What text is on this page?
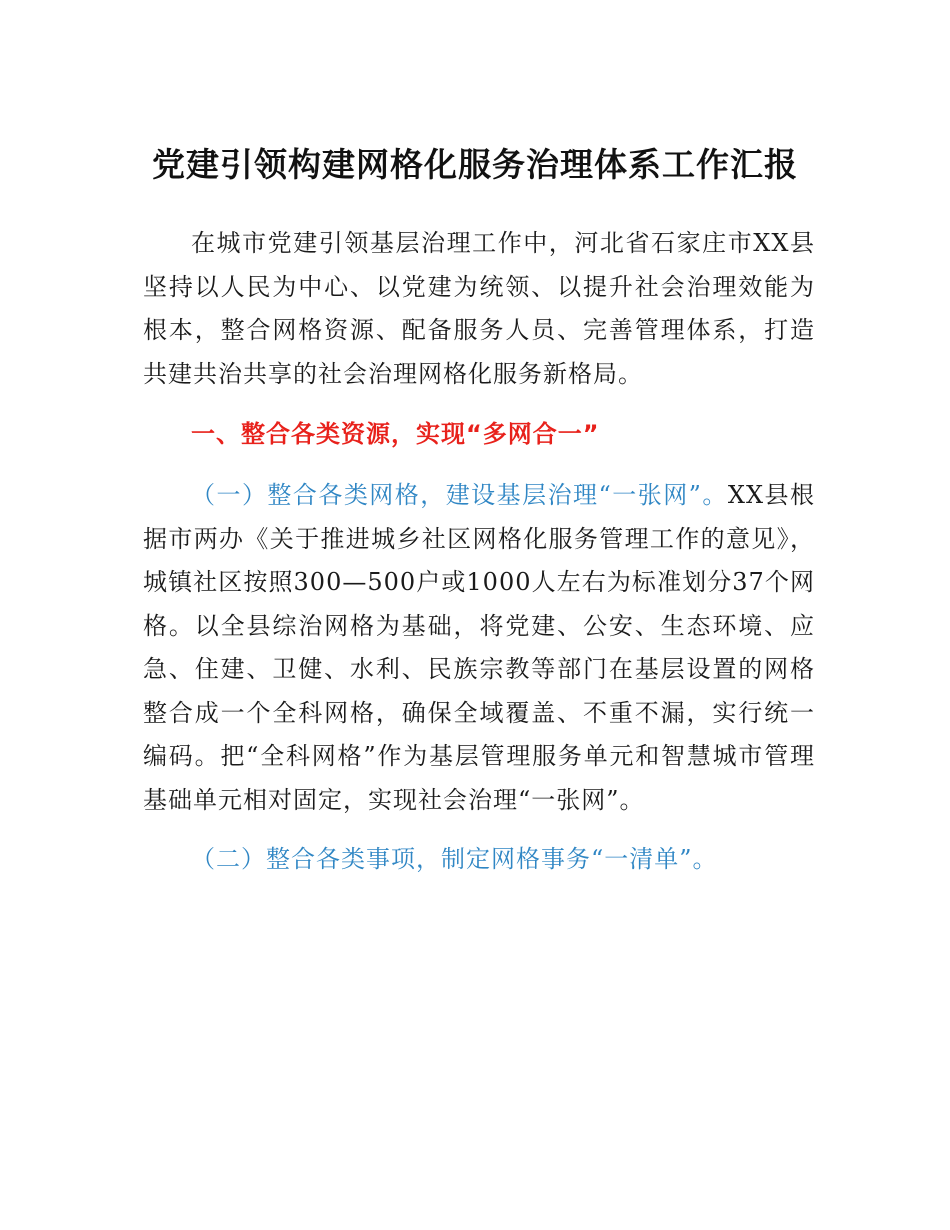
党建引领构建网格化服务治理体系工作汇报

在城市党建引领基层治理工作中，河北省石家庄市XX县坚持以人民为中心、以党建为统领、以提升社会治理效能为根本，整合网格资源、配备服务人员、完善管理体系，打造共建共治共享的社会治理网格化服务新格局。

一、整合各类资源，实现“多网合一”

（一）整合各类网格，建设基层治理“一张网”。XX县根据市两办《关于推进城乡社区网格化服务管理工作的意见》，城镇社区按照300—500户或1000人左右为标准划分37个网格。以全县综治网格为基础，将党建、公安、生态环境、应急、住建、卫健、水利、民族宗教等部门在基层设置的网格整合成一个全科网格，确保全域覆盖、不重不漏，实行统一编码。把“全科网格”作为基层管理服务单元和智慧城市管理基础单元相对固定，实现社会治理“一张网”。

（二）整合各类事项，制定网格事务“一清单”。
